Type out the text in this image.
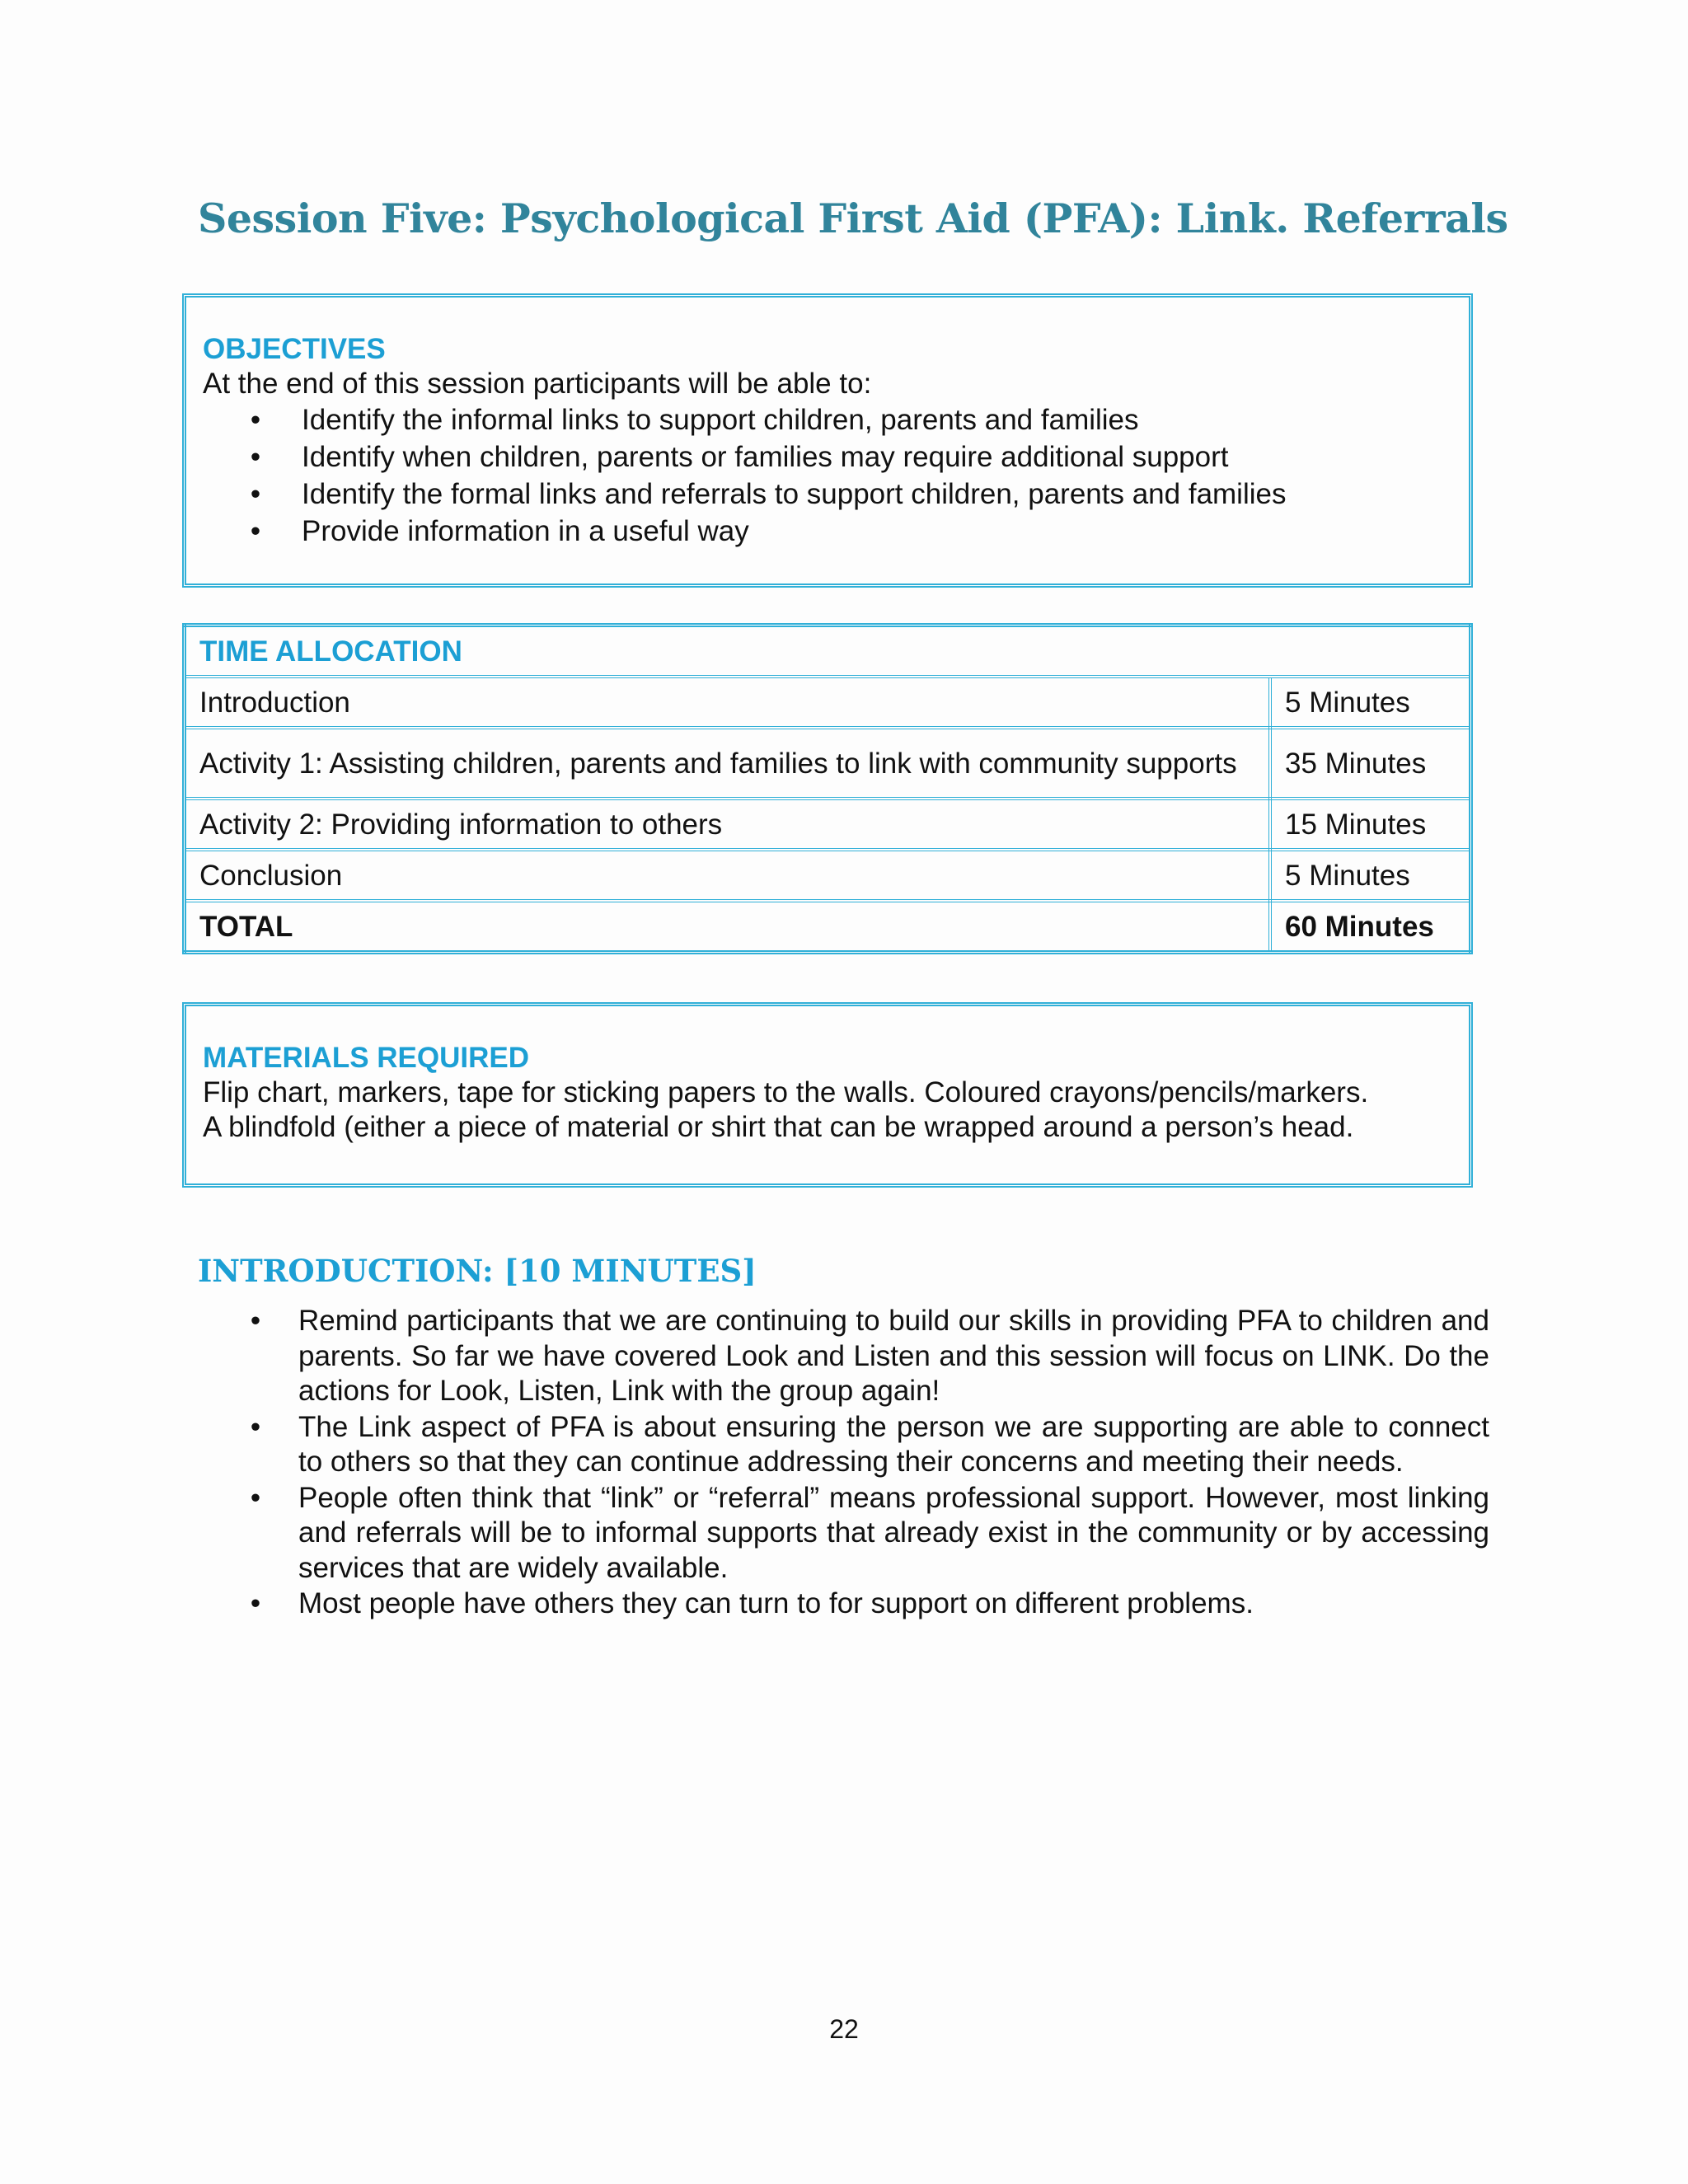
Session Five: Psychological First Aid (PFA): Link. Referrals
OBJECTIVES
At the end of this session participants will be able to:
•	Identify the informal links to support children, parents and families
•	Identify when children, parents or families may require additional support
•	Identify the formal links and referrals to support children, parents and families
•	Provide information in a useful way
TIME ALLOCATION	
Introduction	5 Minutes
Activity 1: Assisting children, parents and families to link with community supports	35 Minutes
Activity 2: Providing information to others	15 Minutes
Conclusion	5 Minutes
TOTAL	60 Minutes
MATERIALS REQUIRED
Flip chart, markers, tape for sticking papers to the walls. Coloured crayons/pencils/markers.
A blindfold (either a piece of material or shirt that can be wrapped around a person’s head.
INTRODUCTION: [10 MINUTES]
•	Remind participants that we are continuing to build our skills in providing PFA to children and parents. So far we have covered Look and Listen and this session will focus on LINK. Do the actions for Look, Listen, Link with the group again!
•	The Link aspect of PFA is about ensuring the person we are supporting are able to connect to others so that they can continue addressing their concerns and meeting their needs.
•	People often think that “link” or “referral” means professional support. However, most linking and referrals will be to informal supports that already exist in the community or by accessing services that are widely available.
•	Most people have others they can turn to for support on different problems.
22
